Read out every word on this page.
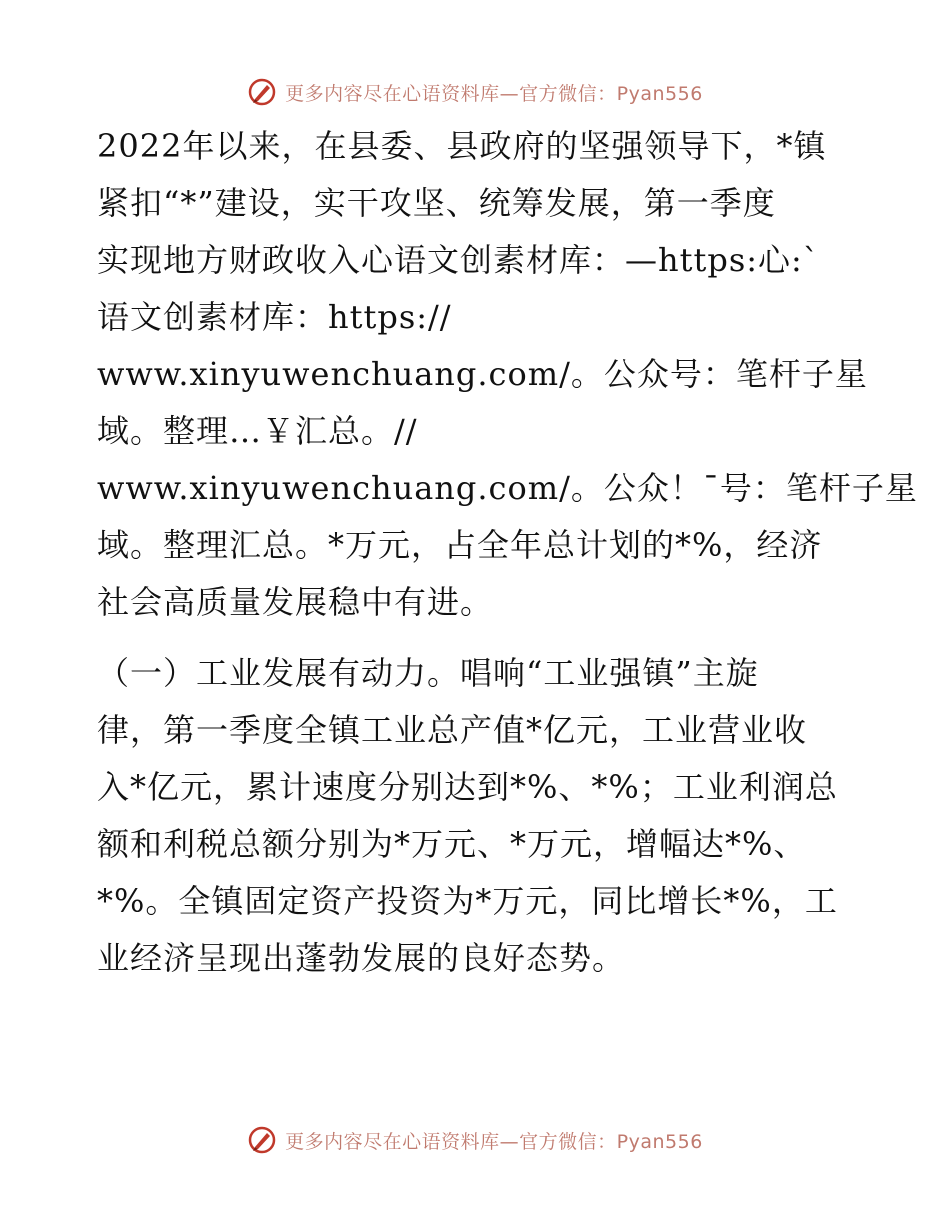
更多内容尽在心语资料库—官方微信：Pyan556
2022年以来，在县委、县政府的坚强领导下，*镇
紧扣“*”建设，实干攻坚、统筹发展，第一季度
实现地方财政收入心语文创素材库：—https:心:`
语文创素材库：https://
www.xinyuwenchuang.com/。公众号：笔杆子星
域。整理…￥汇总。//
www.xinyuwenchuang.com/。公众！¯号：笔杆子星
域。整理汇总。*万元，占全年总计划的*%，经济
社会高质量发展稳中有进。
（一）工业发展有动力。唱响“工业强镇”主旋
律，第一季度全镇工业总产值*亿元，工业营业收
入*亿元，累计速度分别达到*%、*%；工业利润总
额和利税总额分别为*万元、*万元，增幅达*%、
*%。全镇固定资产投资为*万元，同比增长*%，工
业经济呈现出蓬勃发展的良好态势。
更多内容尽在心语资料库—官方微信：Pyan556
